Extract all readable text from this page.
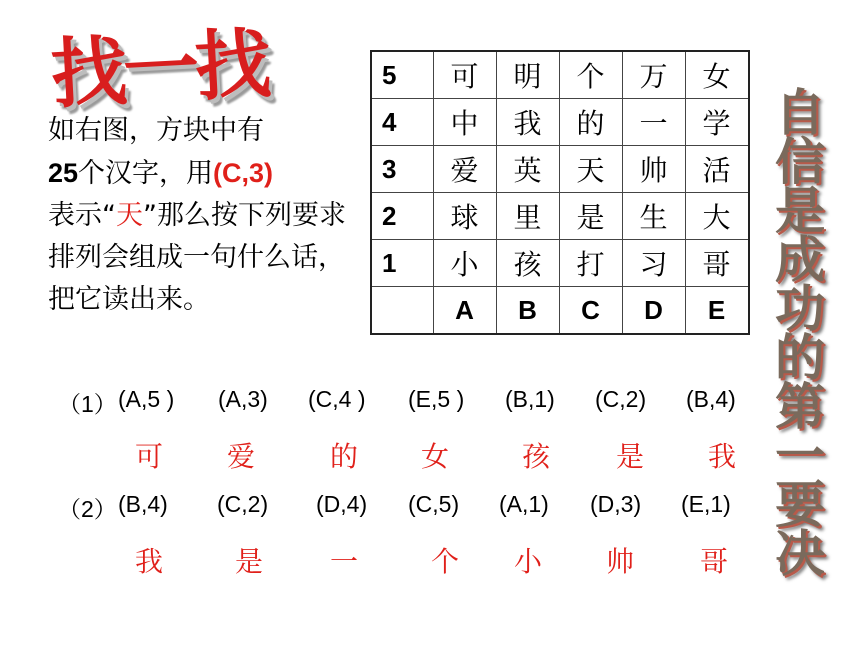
找一找
如右图，方块中有
25个汉字，用(C,3)
表示“天”那么按下列要求排列会组成一句什么话，把它读出来。
5	可	明	个	万	女
4	中	我	的	一	学
3	爱	英	天	帅	活
2	球	里	是	生	大
1	小	孩	打	习	哥
	A	B	C	D	E
自
信
是
成
功
的
第
一
要
决
（1） (A,5 ) (A,3) (C,4 ) (E,5 ) (B,1) (C,2) (B,4)
可 爱	的 女	孩 是 我
（2） (B,4) (C,2) (D,4) (C,5) (A,1) (D,3) (E,1)
我	是 一	个 小 帅 哥
